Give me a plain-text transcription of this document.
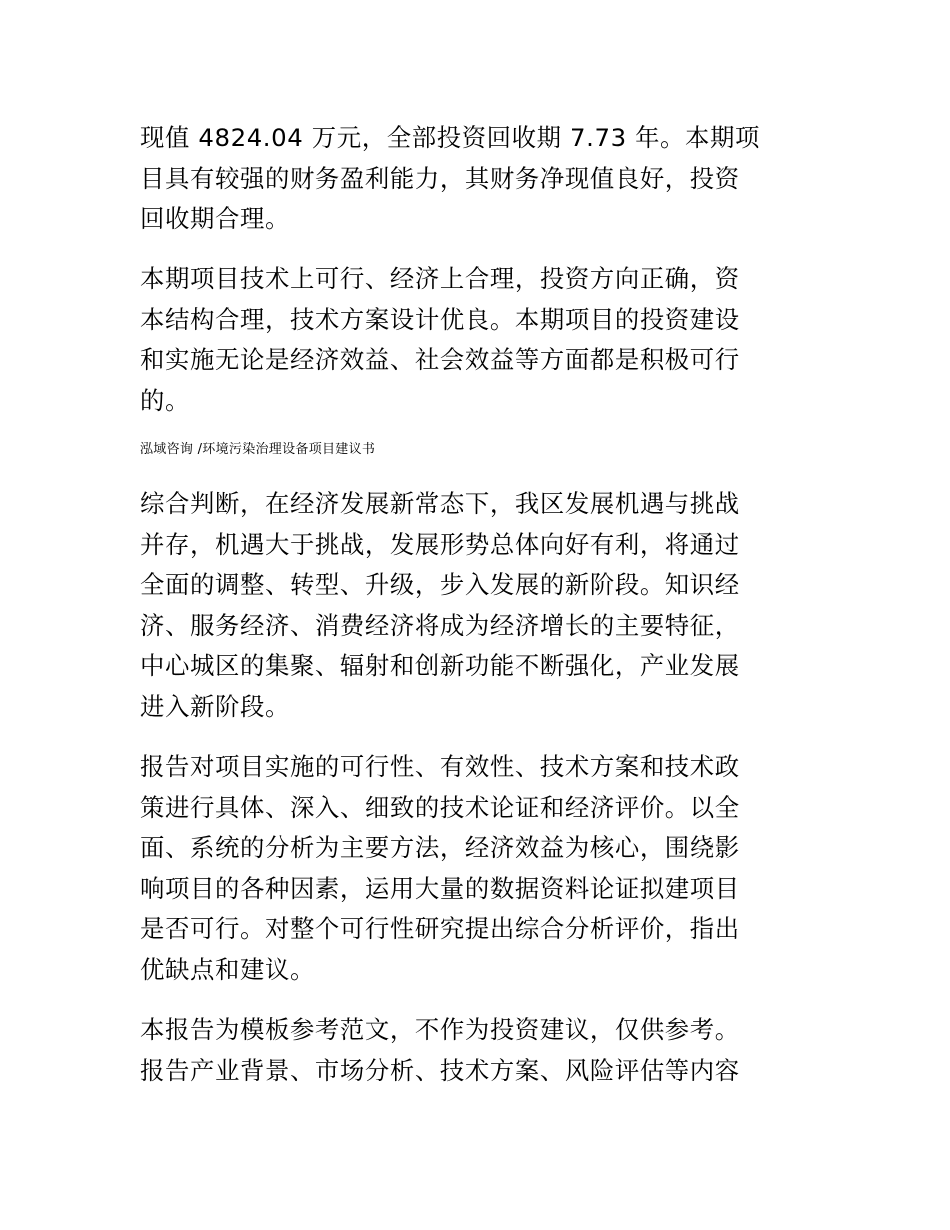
现值 4824.04 万元，全部投资回收期 7.73 年。本期项
目具有较强的财务盈利能力，其财务净现值良好，投资
回收期合理。

本期项目技术上可行、经济上合理，投资方向正确，资
本结构合理，技术方案设计优良。本期项目的投资建设
和实施无论是经济效益、社会效益等方面都是积极可行
的。

泓域咨询 /环境污染治理设备项目建议书

综合判断，在经济发展新常态下，我区发展机遇与挑战
并存，机遇大于挑战，发展形势总体向好有利，将通过
全面的调整、转型、升级，步入发展的新阶段。知识经
济、服务经济、消费经济将成为经济增长的主要特征，
中心城区的集聚、辐射和创新功能不断强化，产业发展
进入新阶段。

报告对项目实施的可行性、有效性、技术方案和技术政
策进行具体、深入、细致的技术论证和经济评价。以全
面、系统的分析为主要方法，经济效益为核心，围绕影
响项目的各种因素，运用大量的数据资料论证拟建项目
是否可行。对整个可行性研究提出综合分析评价，指出
优缺点和建议。

本报告为模板参考范文，不作为投资建议，仅供参考。
报告产业背景、市场分析、技术方案、风险评估等内容
